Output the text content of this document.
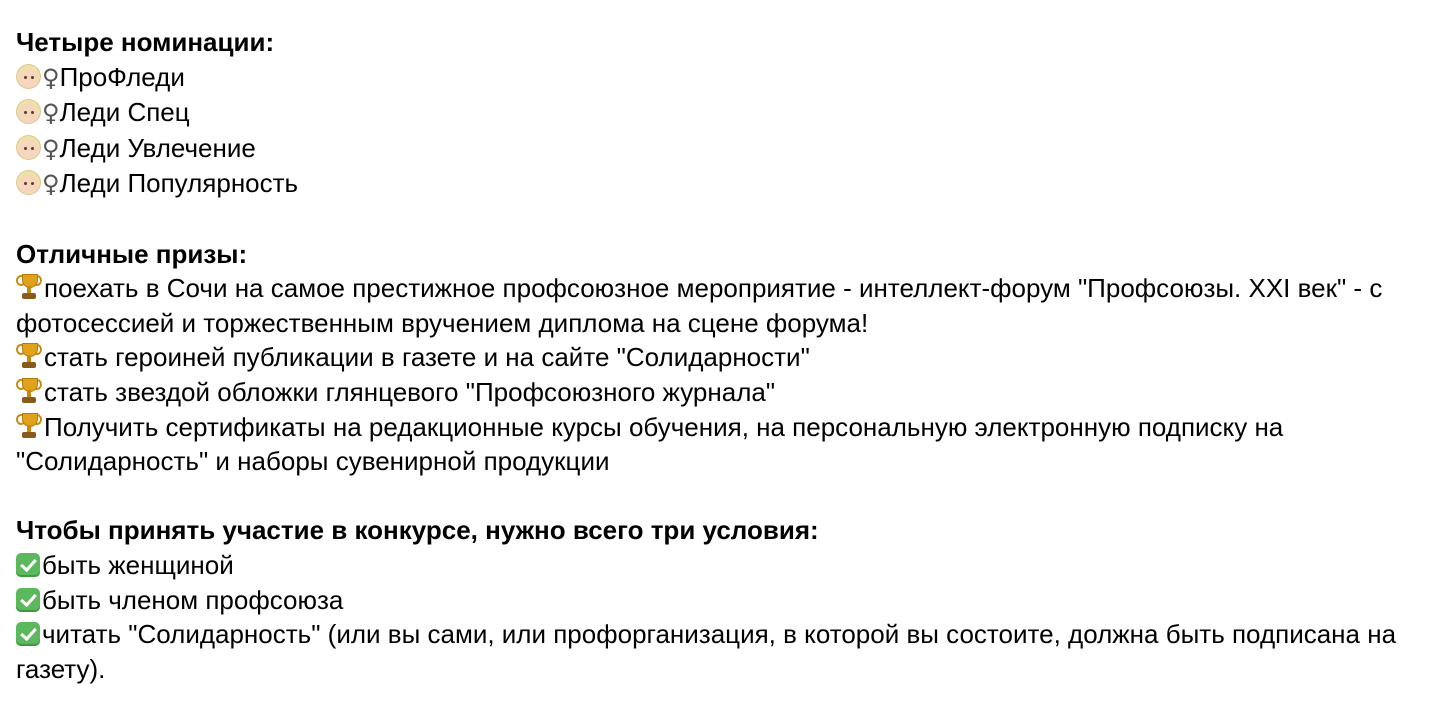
Четыре номинации:
♀ПроФледи
♀Леди Спец
♀Леди Увлечение
♀Леди Популярность
Отличные призы:
поехать в Сочи на самое престижное профсоюзное мероприятие - интеллект-форум "Профсоюзы. XXI век" - с фотосессией и торжественным вручением диплома на сцене форума!
стать героиней публикации в газете и на сайте "Солидарности"
стать звездой обложки глянцевого "Профсоюзного журнала"
Получить сертификаты на редакционные курсы обучения, на персональную электронную подписку на "Солидарность" и наборы сувенирной продукции
Чтобы принять участие в конкурсе, нужно всего три условия:
быть женщиной
быть членом профсоюза
читать "Солидарность" (или вы сами, или профорганизация, в которой вы состоите, должна быть подписана на газету).
